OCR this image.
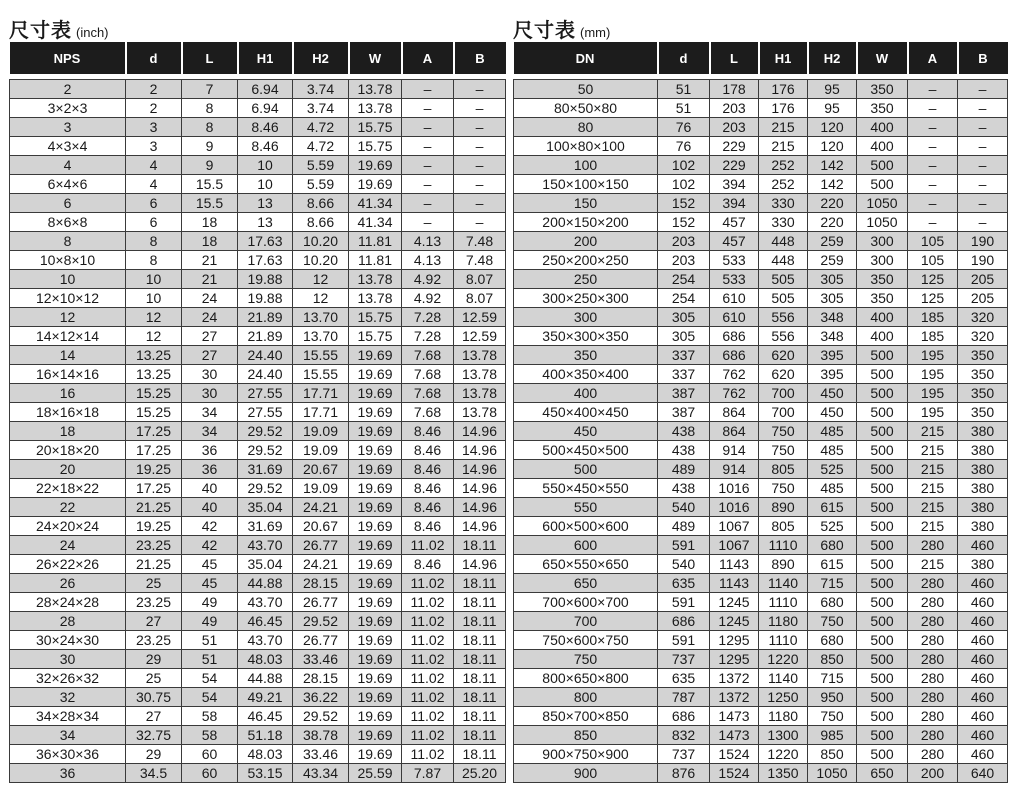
尺寸表 (inch)
NPS	d	L	H1	H2	W	A	B

2	2	7	6.94	3.74	13.78	–	–
3×2×3	2	8	6.94	3.74	13.78	–	–
3	3	8	8.46	4.72	15.75	–	–
4×3×4	3	9	8.46	4.72	15.75	–	–
4	4	9	10	5.59	19.69	–	–
6×4×6	4	15.5	10	5.59	19.69	–	–
6	6	15.5	13	8.66	41.34	–	–
8×6×8	6	18	13	8.66	41.34	–	–
8	8	18	17.63	10.20	11.81	4.13	7.48
10×8×10	8	21	17.63	10.20	11.81	4.13	7.48
10	10	21	19.88	12	13.78	4.92	8.07
12×10×12	10	24	19.88	12	13.78	4.92	8.07
12	12	24	21.89	13.70	15.75	7.28	12.59
14×12×14	12	27	21.89	13.70	15.75	7.28	12.59
14	13.25	27	24.40	15.55	19.69	7.68	13.78
16×14×16	13.25	30	24.40	15.55	19.69	7.68	13.78
16	15.25	30	27.55	17.71	19.69	7.68	13.78
18×16×18	15.25	34	27.55	17.71	19.69	7.68	13.78
18	17.25	34	29.52	19.09	19.69	8.46	14.96
20×18×20	17.25	36	29.52	19.09	19.69	8.46	14.96
20	19.25	36	31.69	20.67	19.69	8.46	14.96
22×18×22	17.25	40	29.52	19.09	19.69	8.46	14.96
22	21.25	40	35.04	24.21	19.69	8.46	14.96
24×20×24	19.25	42	31.69	20.67	19.69	8.46	14.96
24	23.25	42	43.70	26.77	19.69	11.02	18.11
26×22×26	21.25	45	35.04	24.21	19.69	8.46	14.96
26	25	45	44.88	28.15	19.69	11.02	18.11
28×24×28	23.25	49	43.70	26.77	19.69	11.02	18.11
28	27	49	46.45	29.52	19.69	11.02	18.11
30×24×30	23.25	51	43.70	26.77	19.69	11.02	18.11
30	29	51	48.03	33.46	19.69	11.02	18.11
32×26×32	25	54	44.88	28.15	19.69	11.02	18.11
32	30.75	54	49.21	36.22	19.69	11.02	18.11
34×28×34	27	58	46.45	29.52	19.69	11.02	18.11
34	32.75	58	51.18	38.78	19.69	11.02	18.11
36×30×36	29	60	48.03	33.46	19.69	11.02	18.11
36	34.5	60	53.15	43.34	25.59	7.87	25.20
尺寸表 (mm)
DN	d	L	H1	H2	W	A	B

50	51	178	176	95	350	–	–
80×50×80	51	203	176	95	350	–	–
80	76	203	215	120	400	–	–
100×80×100	76	229	215	120	400	–	–
100	102	229	252	142	500	–	–
150×100×150	102	394	252	142	500	–	–
150	152	394	330	220	1050	–	–
200×150×200	152	457	330	220	1050	–	–
200	203	457	448	259	300	105	190
250×200×250	203	533	448	259	300	105	190
250	254	533	505	305	350	125	205
300×250×300	254	610	505	305	350	125	205
300	305	610	556	348	400	185	320
350×300×350	305	686	556	348	400	185	320
350	337	686	620	395	500	195	350
400×350×400	337	762	620	395	500	195	350
400	387	762	700	450	500	195	350
450×400×450	387	864	700	450	500	195	350
450	438	864	750	485	500	215	380
500×450×500	438	914	750	485	500	215	380
500	489	914	805	525	500	215	380
550×450×550	438	1016	750	485	500	215	380
550	540	1016	890	615	500	215	380
600×500×600	489	1067	805	525	500	215	380
600	591	1067	1110	680	500	280	460
650×550×650	540	1143	890	615	500	215	380
650	635	1143	1140	715	500	280	460
700×600×700	591	1245	1110	680	500	280	460
700	686	1245	1180	750	500	280	460
750×600×750	591	1295	1110	680	500	280	460
750	737	1295	1220	850	500	280	460
800×650×800	635	1372	1140	715	500	280	460
800	787	1372	1250	950	500	280	460
850×700×850	686	1473	1180	750	500	280	460
850	832	1473	1300	985	500	280	460
900×750×900	737	1524	1220	850	500	280	460
900	876	1524	1350	1050	650	200	640
